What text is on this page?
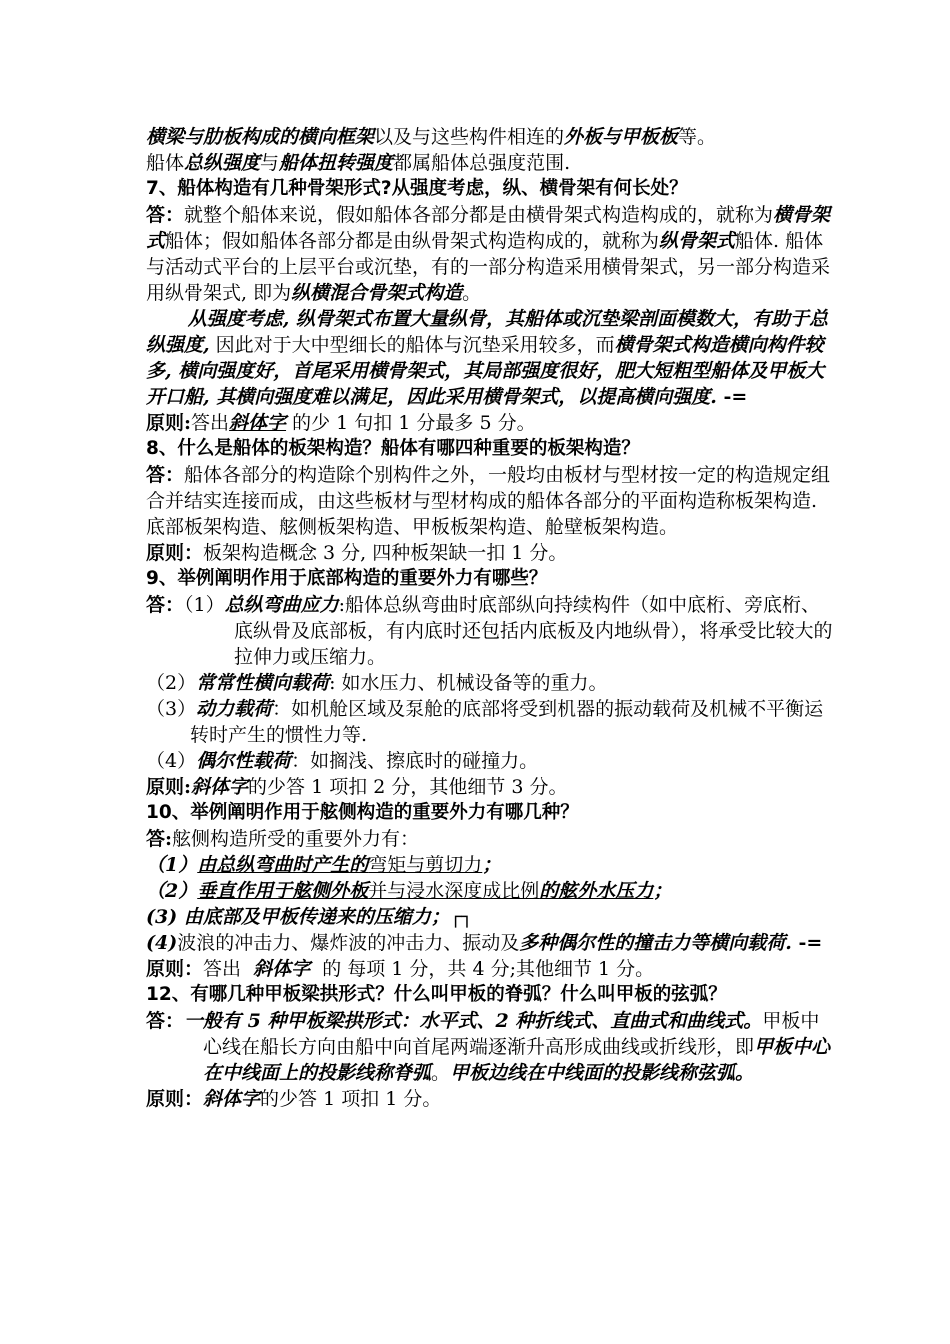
横梁与肋板构成的横向框架以及与这些构件相连的外板与甲板板等。

船体总纵强度与船体扭转强度都属船体总强度范围.

7、船体构造有几种骨架形式?从强度考虑，纵、横骨架有何长处？

答：就整个船体来说，假如船体各部分都是由横骨架式构造构成的，就称为横骨架式船体；假如船体各部分都是由纵骨架式构造构成的，就称为纵骨架式船体. 船体与活动式平台的上层平台或沉垫，有的一部分构造采用横骨架式，另一部分构造采用纵骨架式, 即为纵横混合骨架式构造。

从强度考虑, 纵骨架式布置大量纵骨，其船体或沉垫梁剖面模数大，有助于总纵强度, 因此对于大中型细长的船体与沉垫采用较多，而横骨架式构造横向构件较多, 横向强度好，首尾采用横骨架式，其局部强度很好，肥大短粗型船体及甲板大开口船, 其横向强度难以满足，因此采用横骨架式，以提高横向强度. -=

原则:答出斜体字 的少 1 句扣 1 分最多 5 分。

8、什么是船体的板架构造？船体有哪四种重要的板架构造？

答：船体各部分的构造除个别构件之外，一般均由板材与型材按一定的构造规定组合并结实连接而成，由这些板材与型材构成的船体各部分的平面构造称板架构造. 底部板架构造、舷侧板架构造、甲板板架构造、舱壁板架构造。

原则：板架构造概念 3 分, 四种板架缺一扣 1 分。

9、举例阐明作用于底部构造的重要外力有哪些？

答：（1）总纵弯曲应力:船体总纵弯曲时底部纵向持续构件（如中底桁、旁底桁、底纵骨及底部板，有内底时还包括内底板及内地纵骨），将承受比较大的拉伸力或压缩力。

（2）常常性横向载荷: 如水压力、机械设备等的重力。

（3）动力载荷：如机舱区域及泵舱的底部将受到机器的振动载荷及机械不平衡运转时产生的惯性力等.

（4）偶尔性载荷：如搁浅、擦底时的碰撞力。

原则:斜体字的少答 1 项扣 2 分，其他细节 3 分。

10、举例阐明作用于舷侧构造的重要外力有哪几种？

答:舷侧构造所受的重要外力有：

（1）由总纵弯曲时产生的弯矩与剪切力；

（2）垂直作用于舷侧外板并与浸水深度成比例的舷外水压力；

(3) 由底部及甲板传递来的压缩力；┌┐

(4)波浪的冲击力、爆炸波的冲击力、振动及多种偶尔性的撞击力等横向载荷. -=

原则：答出  斜体字  的 每项 1 分，共 4 分;其他细节 1 分。

12、有哪几种甲板梁拱形式？什么叫甲板的脊弧？什么叫甲板的弦弧？

答：一般有 5 种甲板梁拱形式：水平式、2 种折线式、直曲式和曲线式。甲板中心线在船长方向由船中向首尾两端逐渐升高形成曲线或折线形，即甲板中心在中线面上的投影线称脊弧。甲板边线在中线面的投影线称弦弧。

原则：斜体字的少答 1 项扣 1 分。
